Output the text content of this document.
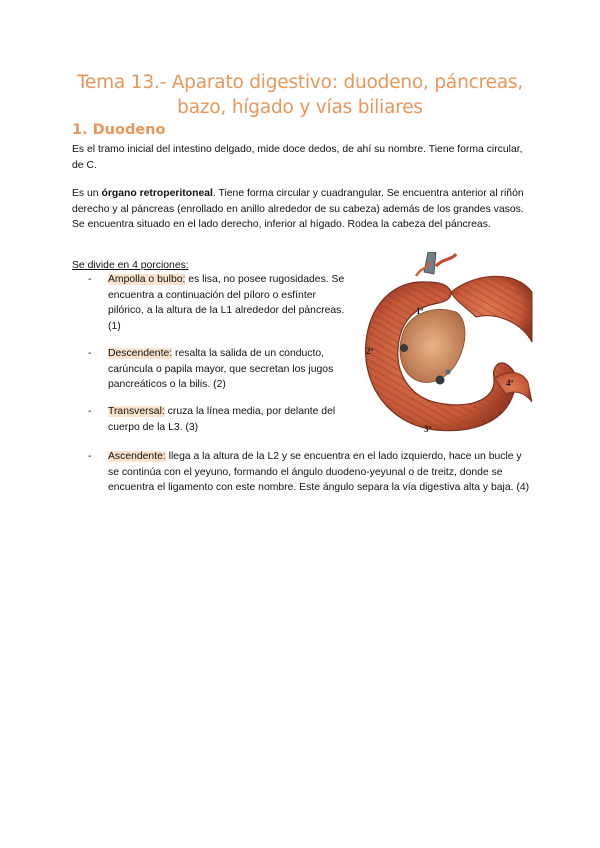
Tema 13.- Aparato digestivo: duodeno, páncreas,
bazo, hígado y vías biliares
1. Duodeno

Es el tramo inicial del intestino delgado, mide doce dedos, de ahí su nombre. Tiene forma circular, de C.

Es un órgano retroperitoneal. Tiene forma circular y cuadrangular. Se encuentra anterior al riñón derecho y al páncreas (enrollado en anillo alrededor de su cabeza) además de los grandes vasos. Se encuentra situado en el lado derecho, inferior al hígado. Rodea la cabeza del páncreas.

Se divide en 4 porciones:

- Ampolla o bulbo: es lisa, no posee rugosidades. Se encuentra a continuación del píloro o esfínter pilórico, a la altura de la L1 alrededor del páncreas. (1)
- Descendente: resalta la salida de un conducto, carúncula o papila mayor, que secretan los jugos pancreáticos o la bilis. (2)
- Transversal: cruza la línea media, por delante del cuerpo de la L3. (3)
- Ascendente: llega a la altura de la L2 y se encuentra en el lado izquierdo, hace un bucle y se continúa con el yeyuno, formando el ángulo duodeno-yeyunal o de treitz, donde se encuentra el ligamento con este nombre. Este ángulo separa la vía digestiva alta y baja. (4)
1ª
2ª
3ª
4ª
